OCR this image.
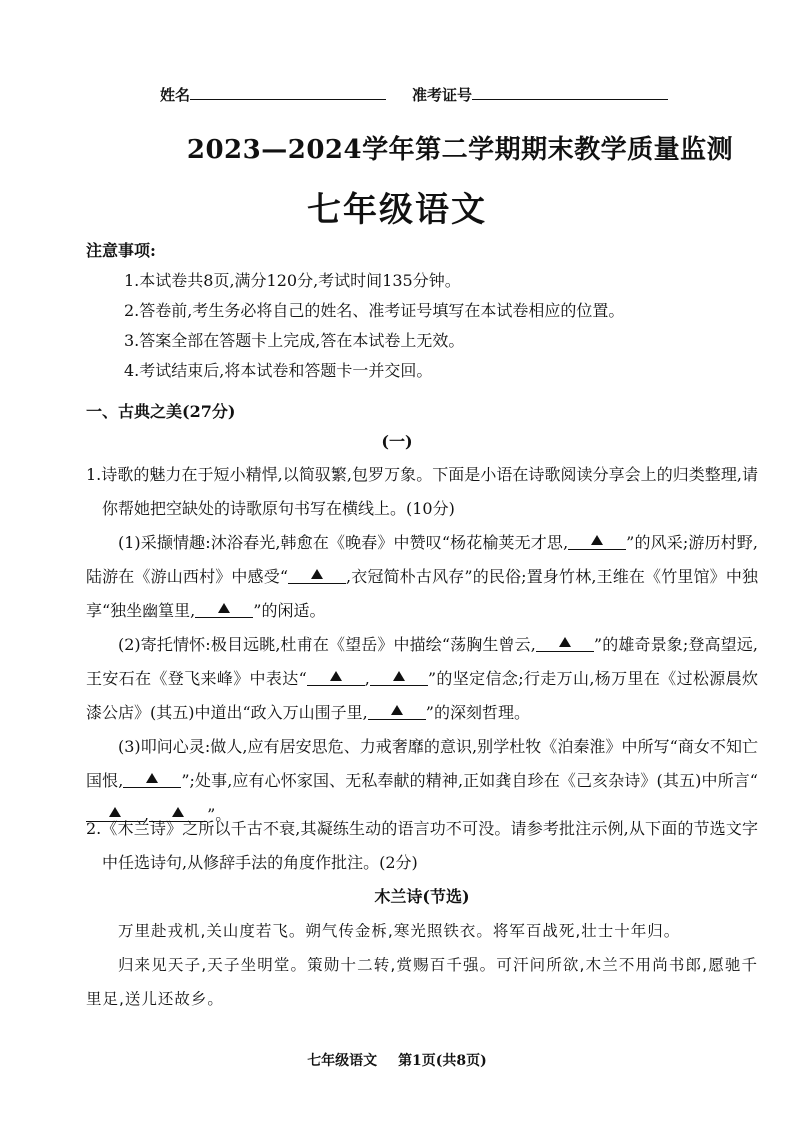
姓名	准考证号
2023—2024学年第二学期期末教学质量监测
七年级语文
注意事项:
1.本试卷共8页,满分120分,考试时间135分钟。
2.答卷前,考生务必将自己的姓名、准考证号填写在本试卷相应的位置。
3.答案全部在答题卡上完成,答在本试卷上无效。
4.考试结束后,将本试卷和答题卡一并交回。
一、古典之美(27分)
(一)
1.诗歌的魅力在于短小精悍,以简驭繁,包罗万象。下面是小语在诗歌阅读分享会上的归类整理,请你帮她把空缺处的诗歌原句书写在横线上。(10分)
(1)采撷情趣:沐浴春光,韩愈在《晚春》中赞叹“杨花榆荚无才思,	”的风采;游历村野,陆游在《游山西村》中感受“	,衣冠简朴古风存”的民俗;置身竹林,王维在《竹里馆》中独享“独坐幽篁里,	”的闲适。
(2)寄托情怀:极目远眺,杜甫在《望岳》中描绘“荡胸生曾云,	”的雄奇景象;登高望远,王安石在《登飞来峰》中表达“	,	”的坚定信念;行走万山,杨万里在《过松源晨炊漆公店》(其五)中道出“政入万山围子里,	”的深刻哲理。
(3)叩问心灵:做人,应有居安思危、力戒奢靡的意识,别学杜牧《泊秦淮》中所写“商女不知亡国恨,	”;处事,应有心怀家国、无私奉献的精神,正如龚自珍在《己亥杂诗》(其五)中所言“
,	”。
2.《木兰诗》之所以千古不衰,其凝练生动的语言功不可没。请参考批注示例,从下面的节选文字中任选诗句,从修辞手法的角度作批注。(2分)
木兰诗(节选)
万里赴戎机,关山度若飞。朔气传金柝,寒光照铁衣。将军百战死,壮士十年归。
归来见天子,天子坐明堂。策勋十二转,赏赐百千强。可汗问所欲,木兰不用尚书郎,愿驰千里足,送儿还故乡。
七年级语文 第1页(共8页)
